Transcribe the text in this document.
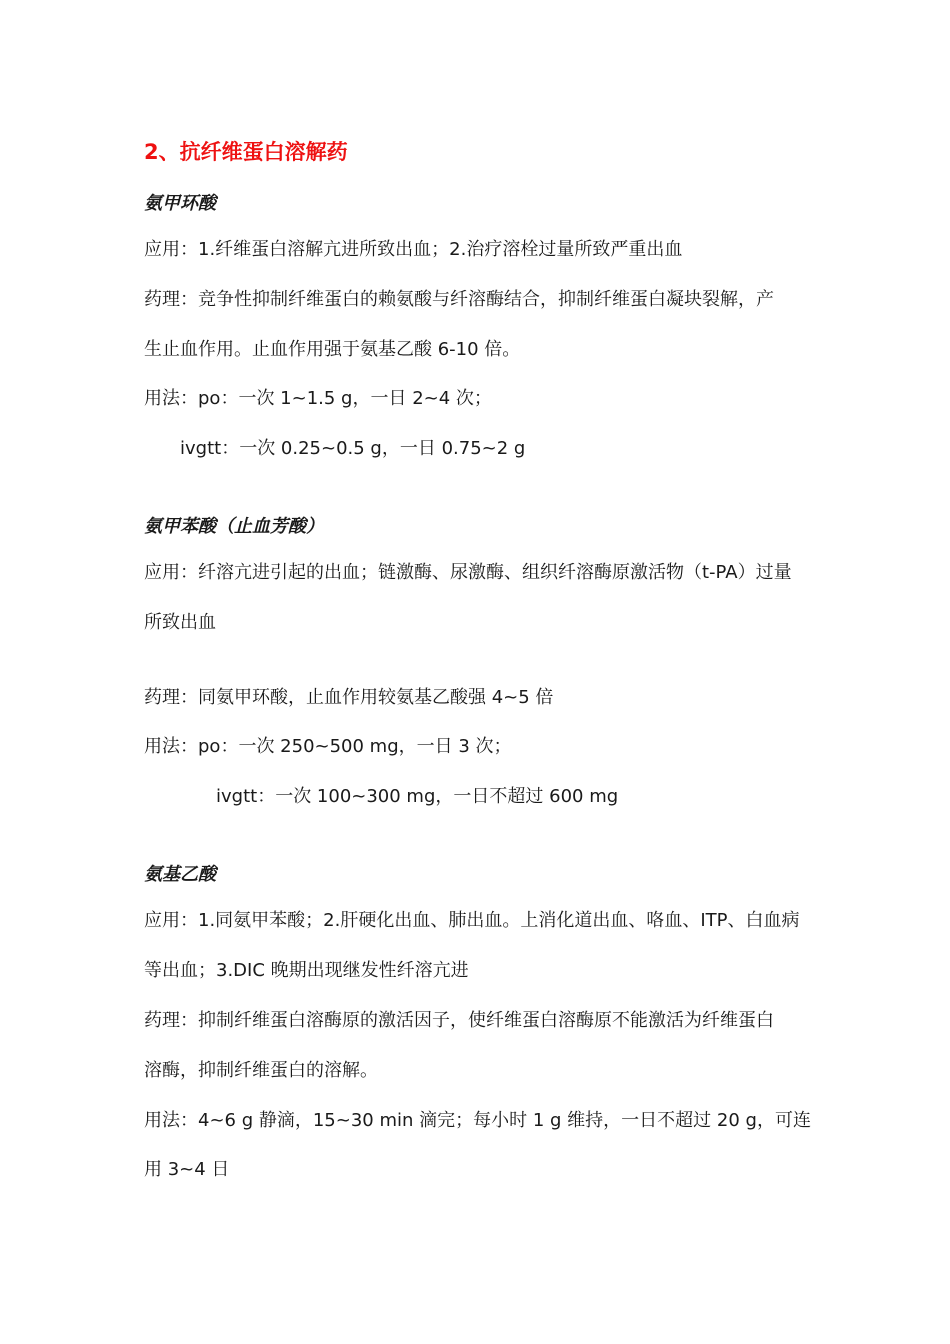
2、抗纤维蛋白溶解药
氨甲环酸
应用：1.纤维蛋白溶解亢进所致出血；2.治疗溶栓过量所致严重出血
药理：竞争性抑制纤维蛋白的赖氨酸与纤溶酶结合，抑制纤维蛋白凝块裂解，产
生止血作用。止血作用强于氨基乙酸 6-10 倍。
用法：po：一次 1~1.5 g，一日 2~4 次；
ivgtt：一次 0.25~0.5 g，一日 0.75~2 g
氨甲苯酸（止血芳酸）
应用：纤溶亢进引起的出血；链激酶、尿激酶、组织纤溶酶原激活物（t-PA）过量
所致出血
药理：同氨甲环酸，止血作用较氨基乙酸强 4~5 倍
用法：po：一次 250~500 mg，一日 3 次；
ivgtt：一次 100~300 mg，一日不超过 600 mg
氨基乙酸
应用：1.同氨甲苯酸；2.肝硬化出血、肺出血。上消化道出血、咯血、ITP、白血病
等出血；3.DIC 晚期出现继发性纤溶亢进
药理：抑制纤维蛋白溶酶原的激活因子，使纤维蛋白溶酶原不能激活为纤维蛋白
溶酶，抑制纤维蛋白的溶解。
用法：4~6 g 静滴，15~30 min 滴完；每小时 1 g 维持，一日不超过 20 g，可连
用 3~4 日
